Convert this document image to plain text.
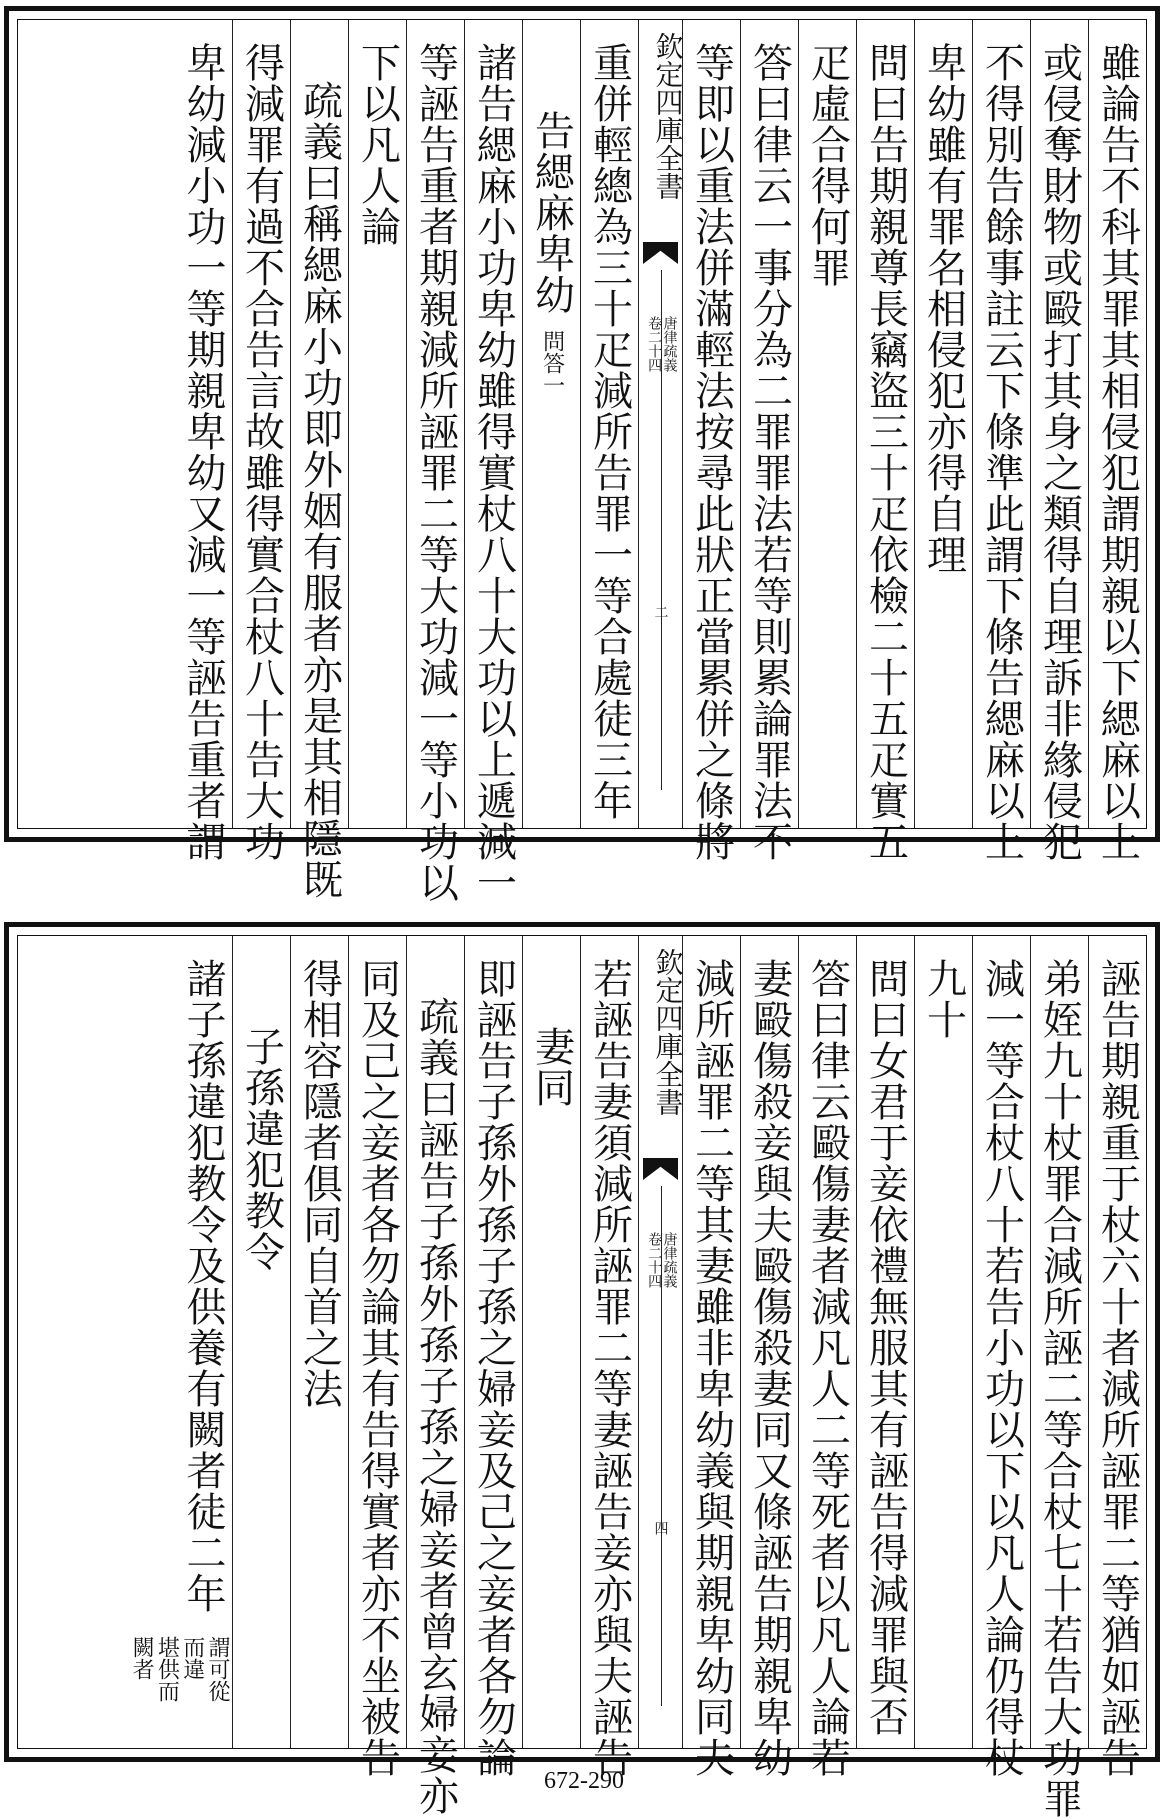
雖論告不科其罪其相侵犯謂期親以下緦麻以上
或侵奪財物或毆打其身之類得自理訴非緣侵犯
不得別告餘事註云下條準此謂下條告緦麻以上
卑幼雖有罪名相侵犯亦得自理
問曰告期親尊長竊盜三十疋依檢二十五疋實五
疋虛合得何罪
答曰律云一事分為二罪罪法若等則累論罪法不
等即以重法併滿輕法按尋此狀正當累併之條將
欽定四庫全書
唐律疏義 卷二十四
二
重併輕總為三十疋減所告罪一等合處徒三年
告緦麻卑幼
問答一
諸告緦麻小功卑幼雖得實杖八十大功以上遞減一
等誣告重者期親減所誣罪二等大功減一等小功以
下以凡人論
疏義曰稱緦麻小功即外姻有服者亦是其相隱既
得減罪有過不合告言故雖得實合杖八十告大功
卑幼減小功一等期親卑幼又減一等誣告重者謂
誣告期親重于杖六十者減所誣罪二等猶如誣告
弟姪九十杖罪合減所誣二等合杖七十若告大功罪
減一等合杖八十若告小功以下以凡人論仍得杖
九十
問曰女君于妾依禮無服其有誣告得減罪與否
答曰律云毆傷妻者減凡人二等死者以凡人論若
妻毆傷殺妾與夫毆傷殺妻同又條誣告期親卑幼
減所誣罪二等其妻雖非卑幼義與期親卑幼同夫
欽定四庫全書
唐律疏義 卷二十四
四
若誣告妻須減所誣罪二等妻誣告妾亦與夫誣告
妻同
即誣告子孫外孫子孫之婦妾及己之妾者各勿論
疏義曰誣告子孫外孫子孫之婦妾者曾玄婦妾亦
同及己之妾者各勿論其有告得實者亦不坐被告
得相容隱者俱同自首之法
子孫違犯教令
諸子孫違犯教令及供養有闕者徒二年
謂可從而違 堪供而闕者
672-290
